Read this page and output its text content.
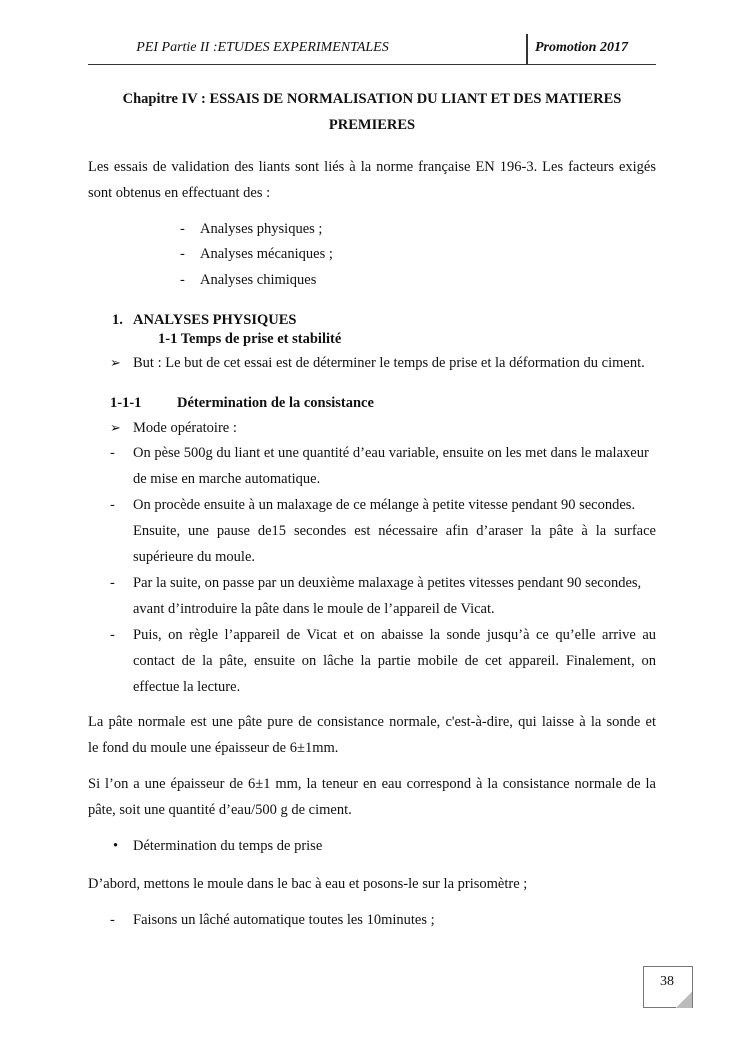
PEI Partie II :ETUDES EXPERIMENTALES	Promotion 2017
Chapitre IV : ESSAIS DE NORMALISATION DU LIANT ET DES MATIERES
PREMIERES
Les essais de validation des liants sont liés à la norme française EN 196-3. Les facteurs exigés
sont obtenus en effectuant des :
- Analyses physiques ;
- Analyses mécaniques ;
- Analyses chimiques
1. ANALYSES PHYSIQUES
1-1 Temps de prise et stabilité
➢ But : Le but de cet essai est de déterminer le temps de prise et la déformation du ciment.
1-1-1 Détermination de la consistance
➢ Mode opératoire :
- On pèse 500g du liant et une quantité d’eau variable, ensuite on les met dans le malaxeur
de mise en marche automatique.
- On procède ensuite à un malaxage de ce mélange à petite vitesse pendant 90 secondes.
Ensuite, une pause de15 secondes est nécessaire afin d’araser la pâte à la surface
supérieure du moule.
- Par la suite, on passe par un deuxième malaxage à petites vitesses pendant 90 secondes,
avant d’introduire la pâte dans le moule de l’appareil de Vicat.
- Puis, on règle l’appareil de Vicat et on abaisse la sonde jusqu’à ce qu’elle arrive au
contact de la pâte, ensuite on lâche la partie mobile de cet appareil. Finalement, on
effectue la lecture.
La pâte normale est une pâte pure de consistance normale, c'est-à-dire, qui laisse à la sonde et
le fond du moule une épaisseur de 6±1mm.
Si l’on a une épaisseur de 6±1 mm, la teneur en eau correspond à la consistance normale de la
pâte, soit une quantité d’eau/500 g de ciment.
• Détermination du temps de prise
D’abord, mettons le moule dans le bac à eau et posons-le sur la prisomètre ;
- Faisons un lâché automatique toutes les 10minutes ;
38
